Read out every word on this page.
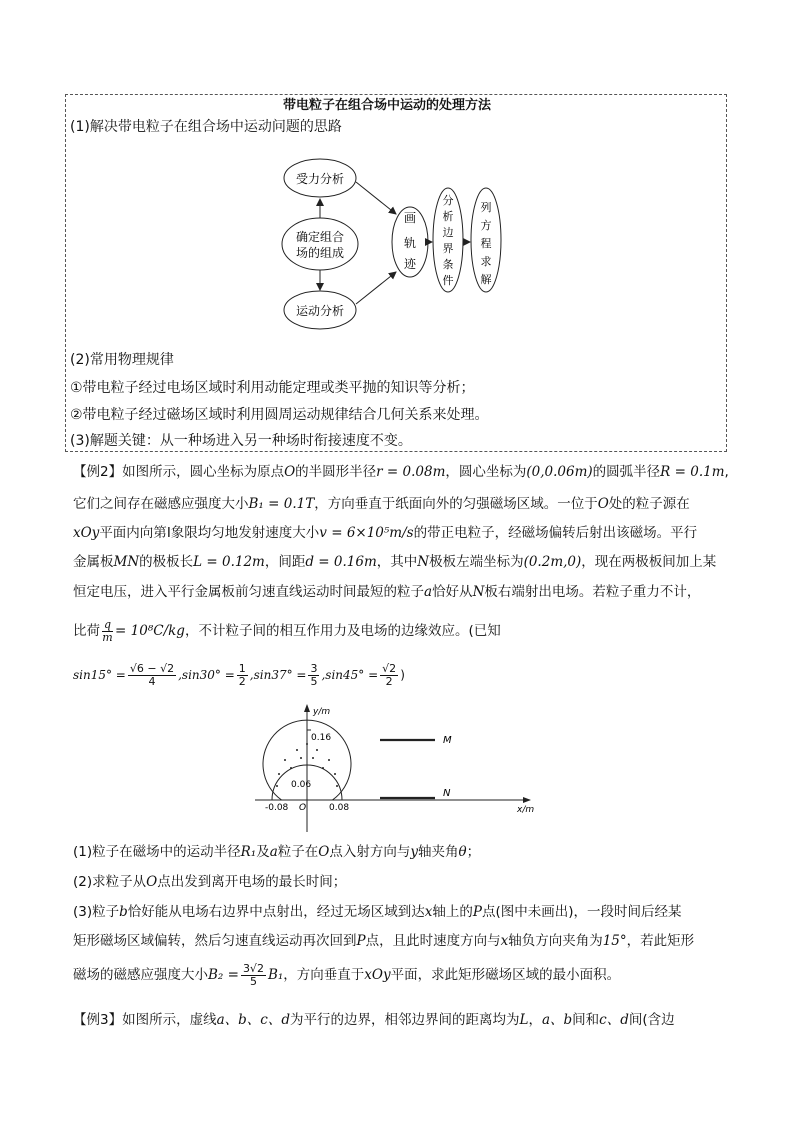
带电粒子在组合场中运动的处理方法
(1)解决带电粒子在组合场中运动问题的思路
受力分析
确定组合
场的组成
运动分析
画
轨
迹
分
析
边
界
条
件
列
方
程
求
解
(2)常用物理规律
①带电粒子经过电场区域时利用动能定理或类平抛的知识等分析；
②带电粒子经过磁场区域时利用圆周运动规律结合几何关系来处理。
(3)解题关键：从一种场进入另一种场时衔接速度不变。
【例2】如图所示，圆心坐标为原点O的半圆形半径r = 0.08m，圆心坐标为(0,0.06m)的圆弧半径R = 0.1m,
它们之间存在磁感应强度大小B₁ = 0.1T，方向垂直于纸面向外的匀强磁场区域。一位于O处的粒子源在
xOy平面内向第Ⅰ象限均匀地发射速度大小v = 6×10⁵m/s的带正电粒子，经磁场偏转后射出该磁场。平行
金属板MN的极板长L = 0.12m，间距d = 0.16m，其中N极板左端坐标为(0.2m,0)，现在两极板间加上某
恒定电压，进入平行金属板前匀速直线运动时间最短的粒子a恰好从N板右端射出电场。若粒子重力不计，
比荷 $\frac{q}{m} = 10^8C/kg$，不计粒子间的相互作用力及电场的边缘效应。(已知
$\sin 15^\circ = \frac{√6 - √2}{4} ,\sin 30^\circ = \frac{1}{2} ,\sin 37^\circ = \frac{3}{5} ,\sin 45^\circ = \frac{√2}{2}$ )
y/m
x/m
0.16
0.06
-0.08 O	0.08
M
N
(1)粒子在磁场中的运动半径R₁及a粒子在O点入射方向与y轴夹角θ；
(2)求粒子从O点出发到离开电场的最长时间；
(3)粒子b恰好能从电场右边界中点射出，经过无场区域到达x轴上的P点(图中未画出)，一段时间后经某
矩形磁场区域偏转，然后匀速直线运动再次回到P点，且此时速度方向与x轴负方向夹角为15°，若此矩形
磁场的磁感应强度大小$B_2 = \frac{3√2}{5} B_1$，方向垂直于xOy平面，求此矩形磁场区域的最小面积。
【例3】如图所示，虚线a、b、c、d为平行的边界，相邻边界间的距离均为L，a、b间和c、d间(含边
